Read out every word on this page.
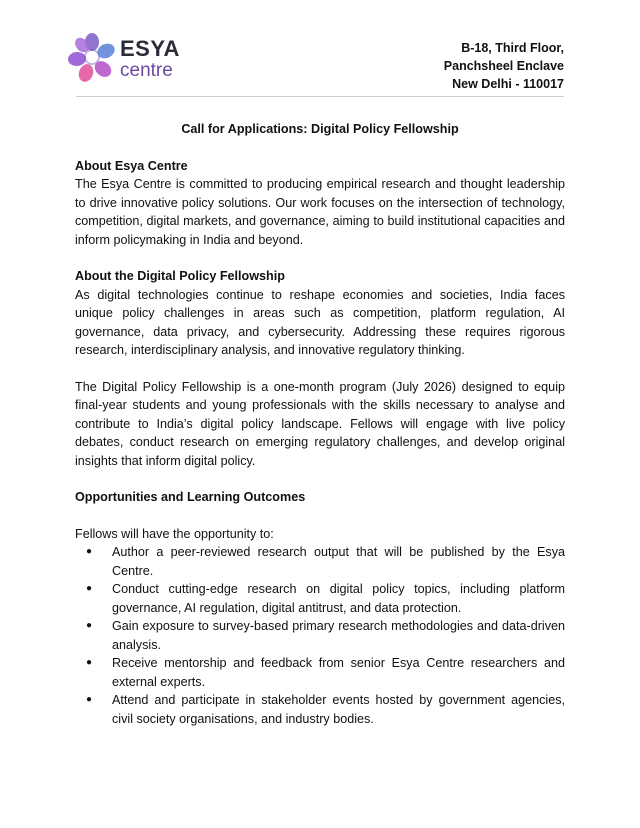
ESYA
centre
B-18, Third Floor,
Panchsheel Enclave
New Delhi - 110017
Call for Applications: Digital Policy Fellowship
About Esya Centre

The Esya Centre is committed to producing empirical research and thought leadership to drive innovative policy solutions. Our work focuses on the intersection of technology, competition, digital markets, and governance, aiming to build institutional capacities and inform policymaking in India and beyond.

About the Digital Policy Fellowship

As digital technologies continue to reshape economies and societies, India faces unique policy challenges in areas such as competition, platform regulation, AI governance, data privacy, and cybersecurity. Addressing these requires rigorous research, interdisciplinary analysis, and innovative regulatory thinking.

The Digital Policy Fellowship is a one-month program (July 2026) designed to equip final-year students and young professionals with the skills necessary to analyse and contribute to India’s digital policy landscape. Fellows will engage with live policy debates, conduct research on emerging regulatory challenges, and develop original insights that inform digital policy.

Opportunities and Learning Outcomes
Fellows will have the opportunity to:
● Author a peer-reviewed research output that will be published by the Esya Centre.
● Conduct cutting-edge research on digital policy topics, including platform governance, AI regulation, digital antitrust, and data protection.
● Gain exposure to survey-based primary research methodologies and data-driven analysis.
● Receive mentorship and feedback from senior Esya Centre researchers and external experts.
● Attend and participate in stakeholder events hosted by government agencies, civil society organisations, and industry bodies.
